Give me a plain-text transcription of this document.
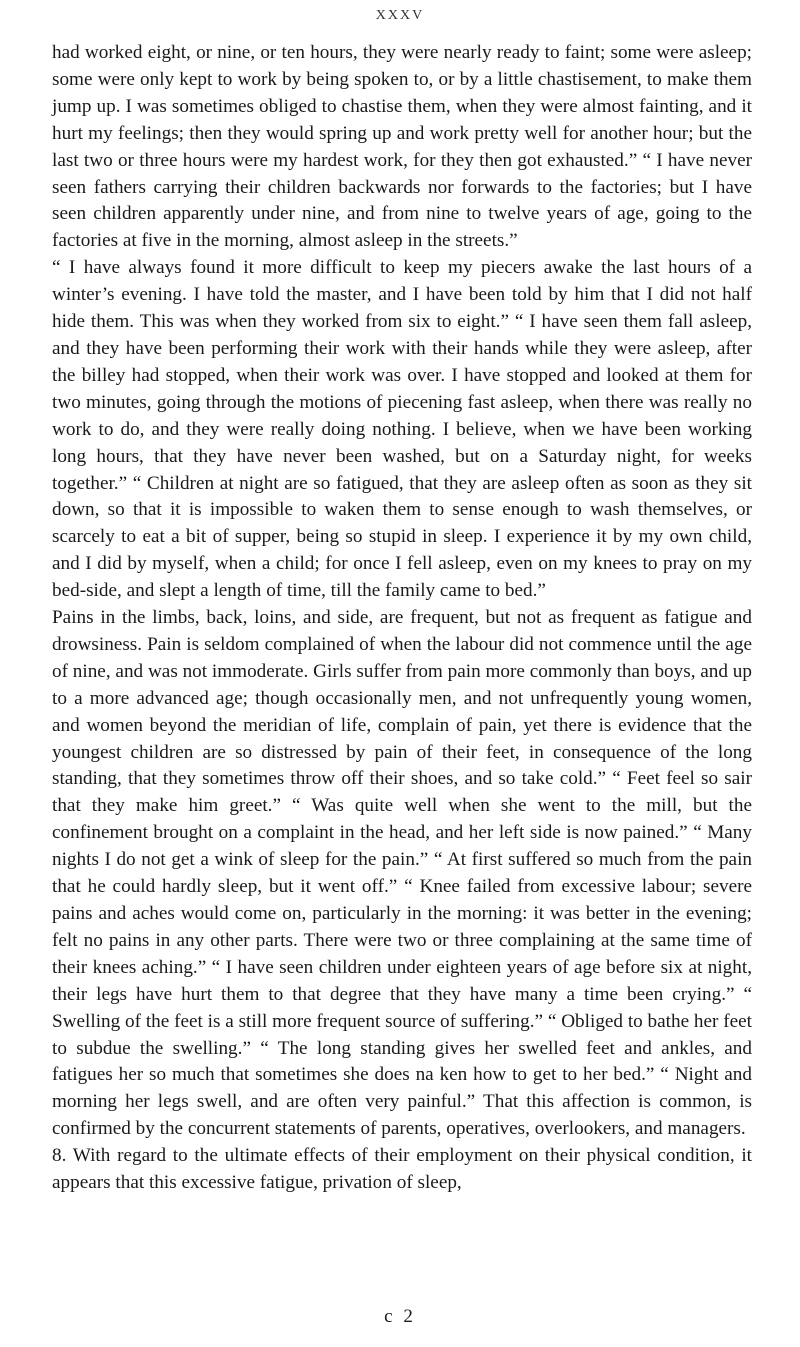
XXXV

had worked eight, or nine, or ten hours, they were nearly ready to faint; some were asleep; some were only kept to work by being spoken to, or by a little chastisement, to make them jump up. I was sometimes obliged to chastise them, when they were almost fainting, and it hurt my feelings; then they would spring up and work pretty well for another hour; but the last two or three hours were my hardest work, for they then got exhausted.” “ I have never seen fathers carrying their children backwards nor forwards to the factories; but I have seen children apparently under nine, and from nine to twelve years of age, going to the factories at five in the morning, almost asleep in the streets.”

“ I have always found it more difficult to keep my piecers awake the last hours of a winter’s evening. I have told the master, and I have been told by him that I did not half hide them. This was when they worked from six to eight.” “ I have seen them fall asleep, and they have been performing their work with their hands while they were asleep, after the billey had stopped, when their work was over. I have stopped and looked at them for two minutes, going through the motions of piecening fast asleep, when there was really no work to do, and they were really doing nothing. I believe, when we have been working long hours, that they have never been washed, but on a Saturday night, for weeks together.” “ Children at night are so fatigued, that they are asleep often as soon as they sit down, so that it is impossible to waken them to sense enough to wash themselves, or scarcely to eat a bit of supper, being so stupid in sleep. I experience it by my own child, and I did by myself, when a child; for once I fell asleep, even on my knees to pray on my bed-side, and slept a length of time, till the family came to bed.”

Pains in the limbs, back, loins, and side, are frequent, but not as frequent as fatigue and drowsiness. Pain is seldom complained of when the labour did not commence until the age of nine, and was not immoderate. Girls suffer from pain more commonly than boys, and up to a more advanced age; though occasionally men, and not unfrequently young women, and women beyond the meridian of life, complain of pain, yet there is evidence that the youngest children are so distressed by pain of their feet, in consequence of the long standing, that they sometimes throw off their shoes, and so take cold.” “ Feet feel so sair that they make him greet.” “ Was quite well when she went to the mill, but the confinement brought on a complaint in the head, and her left side is now pained.” “ Many nights I do not get a wink of sleep for the pain.” “ At first suffered so much from the pain that he could hardly sleep, but it went off.” “ Knee failed from excessive labour; severe pains and aches would come on, particularly in the morning: it was better in the evening; felt no pains in any other parts. There were two or three complaining at the same time of their knees aching.” “ I have seen children under eighteen years of age before six at night, their legs have hurt them to that degree that they have many a time been crying.” “ Swelling of the feet is a still more frequent source of suffering.” “ Obliged to bathe her feet to subdue the swelling.” “ The long standing gives her swelled feet and ankles, and fatigues her so much that sometimes she does na ken how to get to her bed.” “ Night and morning her legs swell, and are often very painful.” That this affection is common, is confirmed by the concurrent statements of parents, operatives, overlookers, and managers.

8. With regard to the ultimate effects of their employment on their physical condition, it appears that this excessive fatigue, privation of sleep,

c 2
